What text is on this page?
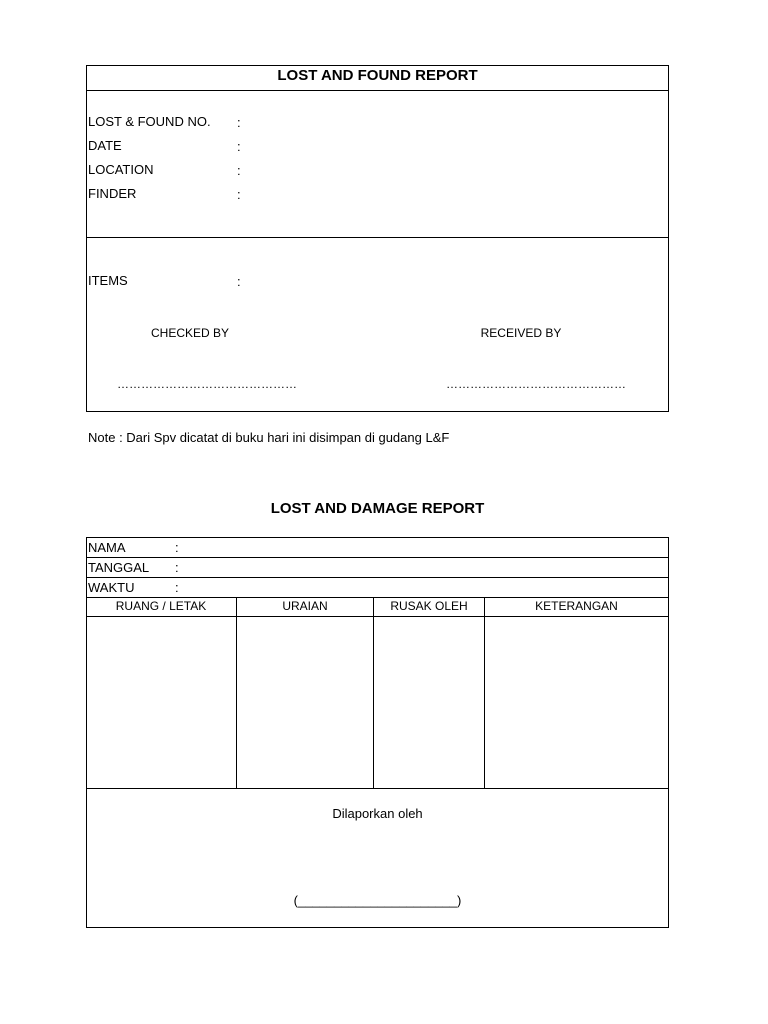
LOST AND FOUND REPORT
LOST & FOUND NO. :
DATE	:
LOCATION	:
FINDER	:
ITEMS	:
CHECKED BY	RECEIVED BY
………………………………………	………………………………………
Note : Dari Spv dicatat di buku hari ini disimpan di gudang L&F
LOST AND DAMAGE REPORT
NAMA	:
TANGGAL :
WAKTU	:
RUANG / LETAK	URAIAN	RUSAK OLEH	KETERANGAN
Dilaporkan oleh
(______________________)
